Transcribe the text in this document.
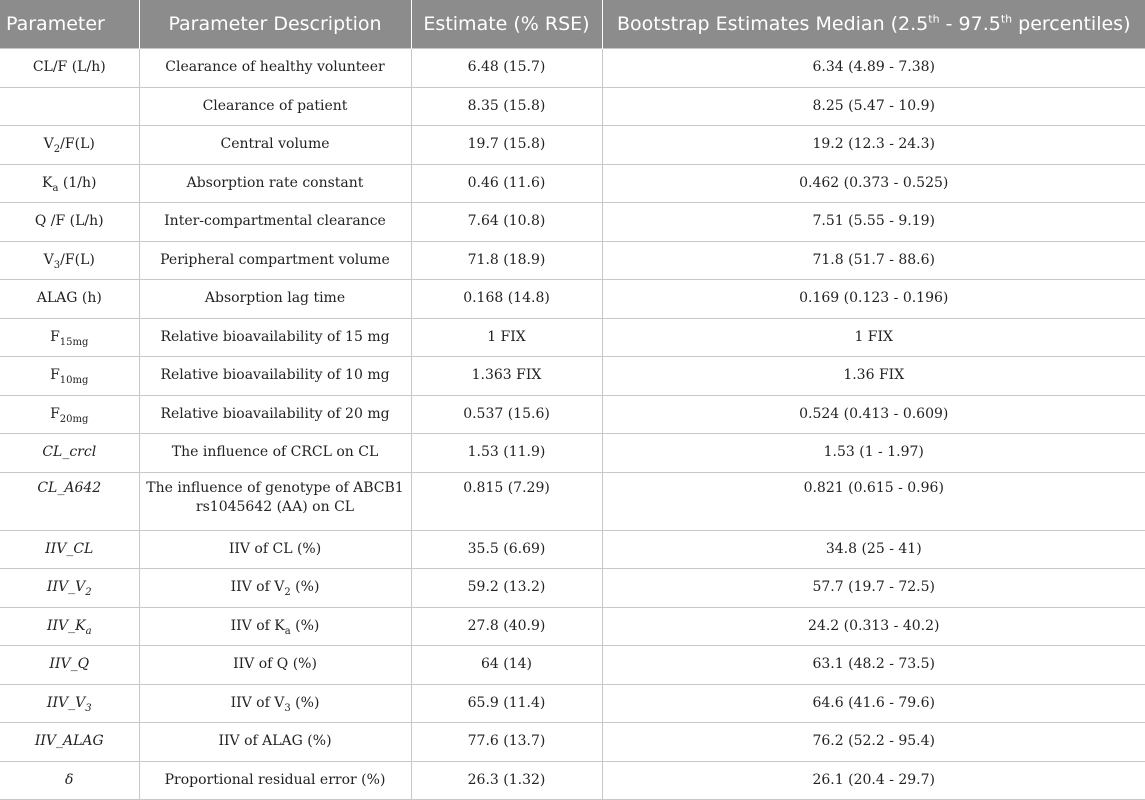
Parameter	Parameter Description	Estimate (% RSE)	Bootstrap Estimates Median (2.5th - 97.5th percentiles)
CL/F (L/h)	Clearance of healthy volunteer	6.48 (15.7)	6.34 (4.89 - 7.38)
	Clearance of patient	8.35 (15.8)	8.25 (5.47 - 10.9)
$V_2/F(L)$	Central volume	19.7 (15.8)	19.2 (12.3 - 24.3)
$K_a$ (1/h)	Absorption rate constant	0.46 (11.6)	0.462 (0.373 - 0.525)
Q /F (L/h)	Inter-compartmental clearance	7.64 (10.8)	7.51 (5.55 - 9.19)
$V_3/F(L)$	Peripheral compartment volume	71.8 (18.9)	71.8 (51.7 - 88.6)
ALAG (h)	Absorption lag time	0.168 (14.8)	0.169 (0.123 - 0.196)
$F_{15mg}$	Relative bioavailability of 15 mg	1 FIX	1 FIX
$F_{10mg}$	Relative bioavailability of 10 mg	1.363 FIX	1.36 FIX
$F_{20mg}$	Relative bioavailability of 20 mg	0.537 (15.6)	0.524 (0.413 - 0.609)
CL_crcl	The influence of CRCL on CL	1.53 (11.9)	1.53 (1 - 1.97)
CL_A642	The influence of genotype of ABCB1 rs1045642 (AA) on CL	0.815 (7.29)	0.821 (0.615 - 0.96)
IIV_CL	IIV of CL (%)	35.5 (6.69)	34.8 (25 - 41)
$IIV\_V_2$	IIV of $V_2$ (%)	59.2 (13.2)	57.7 (19.7 - 72.5)
$IIV\_K_a$	IIV of $K_a$ (%)	27.8 (40.9)	24.2 (0.313 - 40.2)
IIV_Q	IIV of Q (%)	64 (14)	63.1 (48.2 - 73.5)
$IIV\_V_3$	IIV of $V_3$ (%)	65.9 (11.4)	64.6 (41.6 - 79.6)
IIV_ALAG	IIV of ALAG (%)	77.6 (13.7)	76.2 (52.2 - 95.4)
δ	Proportional residual error (%)	26.3 (1.32)	26.1 (20.4 - 29.7)
